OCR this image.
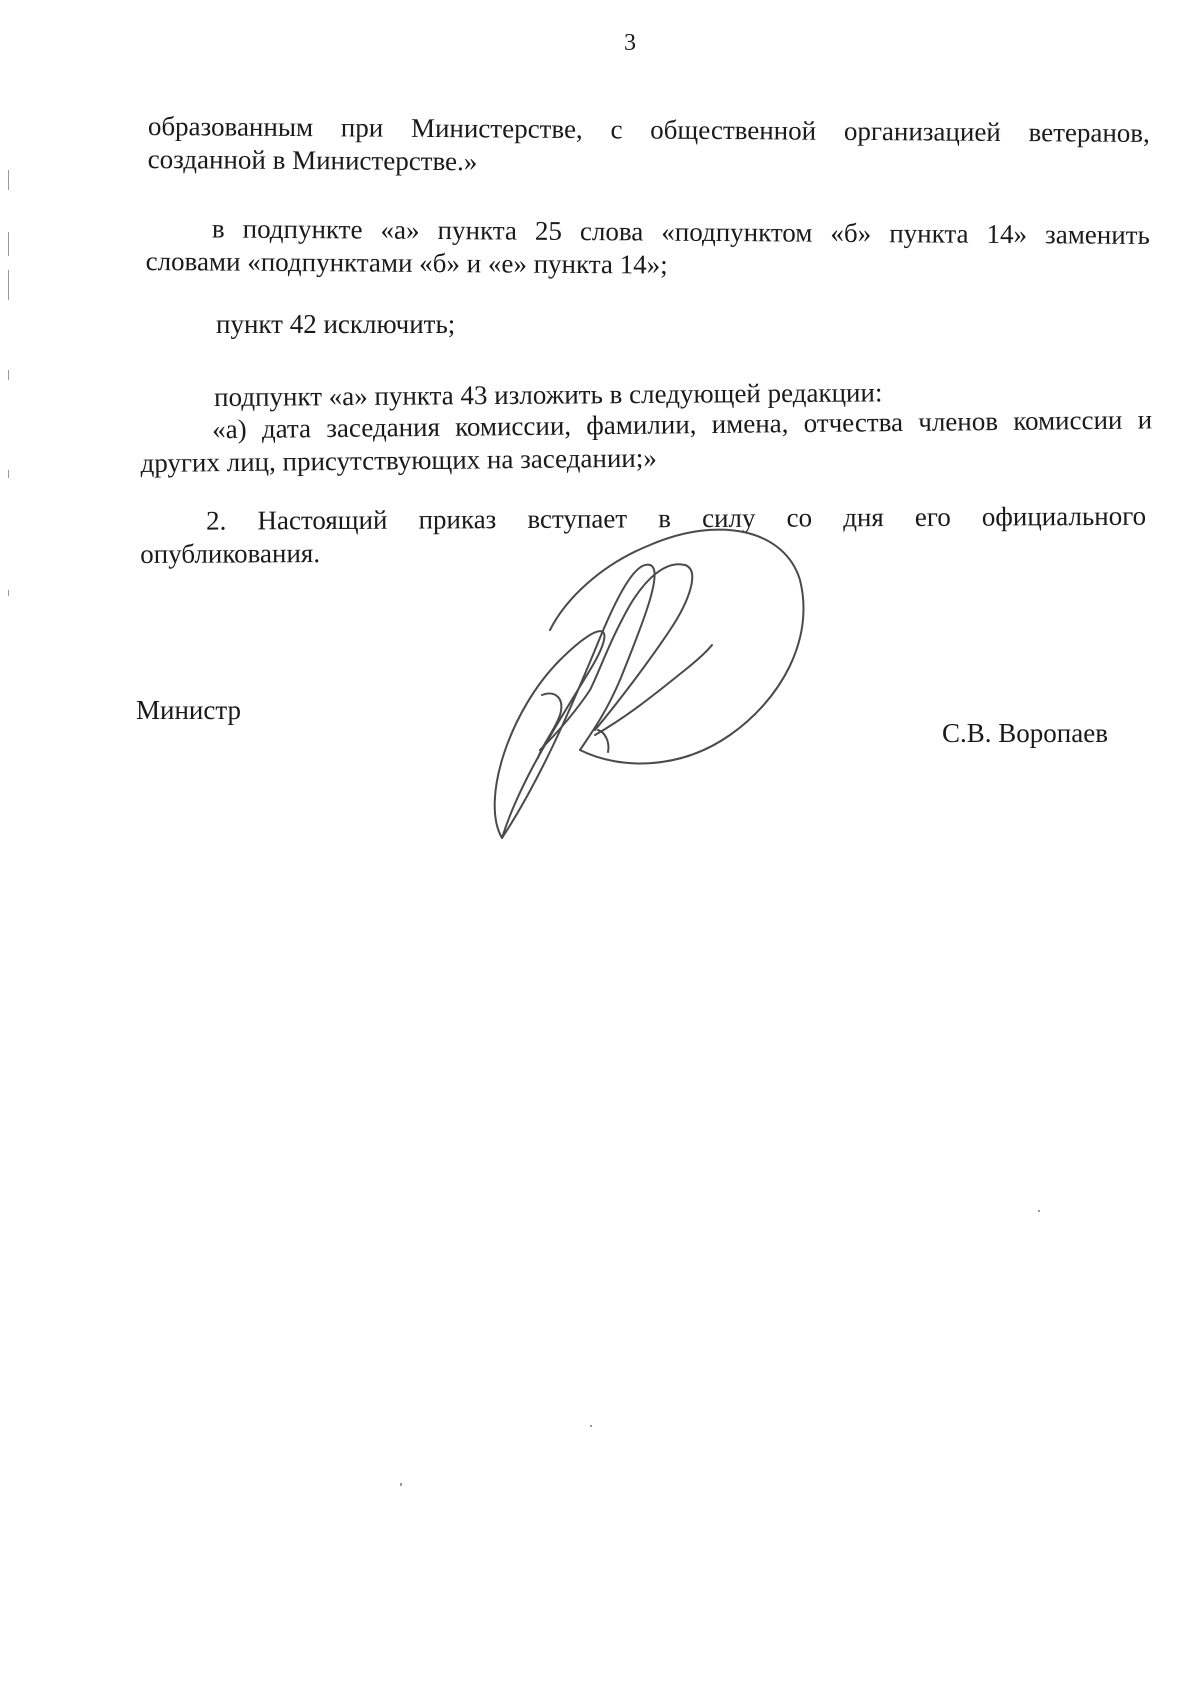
3
образованным при Министерстве, с общественной организацией ветеранов,
созданной в Министерстве.»
в подпункте «а» пункта 25 слова «подпунктом «б» пункта 14» заменить
словами «подпунктами «б» и «е» пункта 14»;
пункт 42 исключить;
подпункт «а» пункта 43 изложить в следующей редакции:
«а) дата заседания комиссии, фамилии, имена, отчества членов комиссии и
других лиц, присутствующих на заседании;»
2. Настоящий приказ вступает в силу со дня его официального
опубликования.
Министр
С.В. Воропаев
